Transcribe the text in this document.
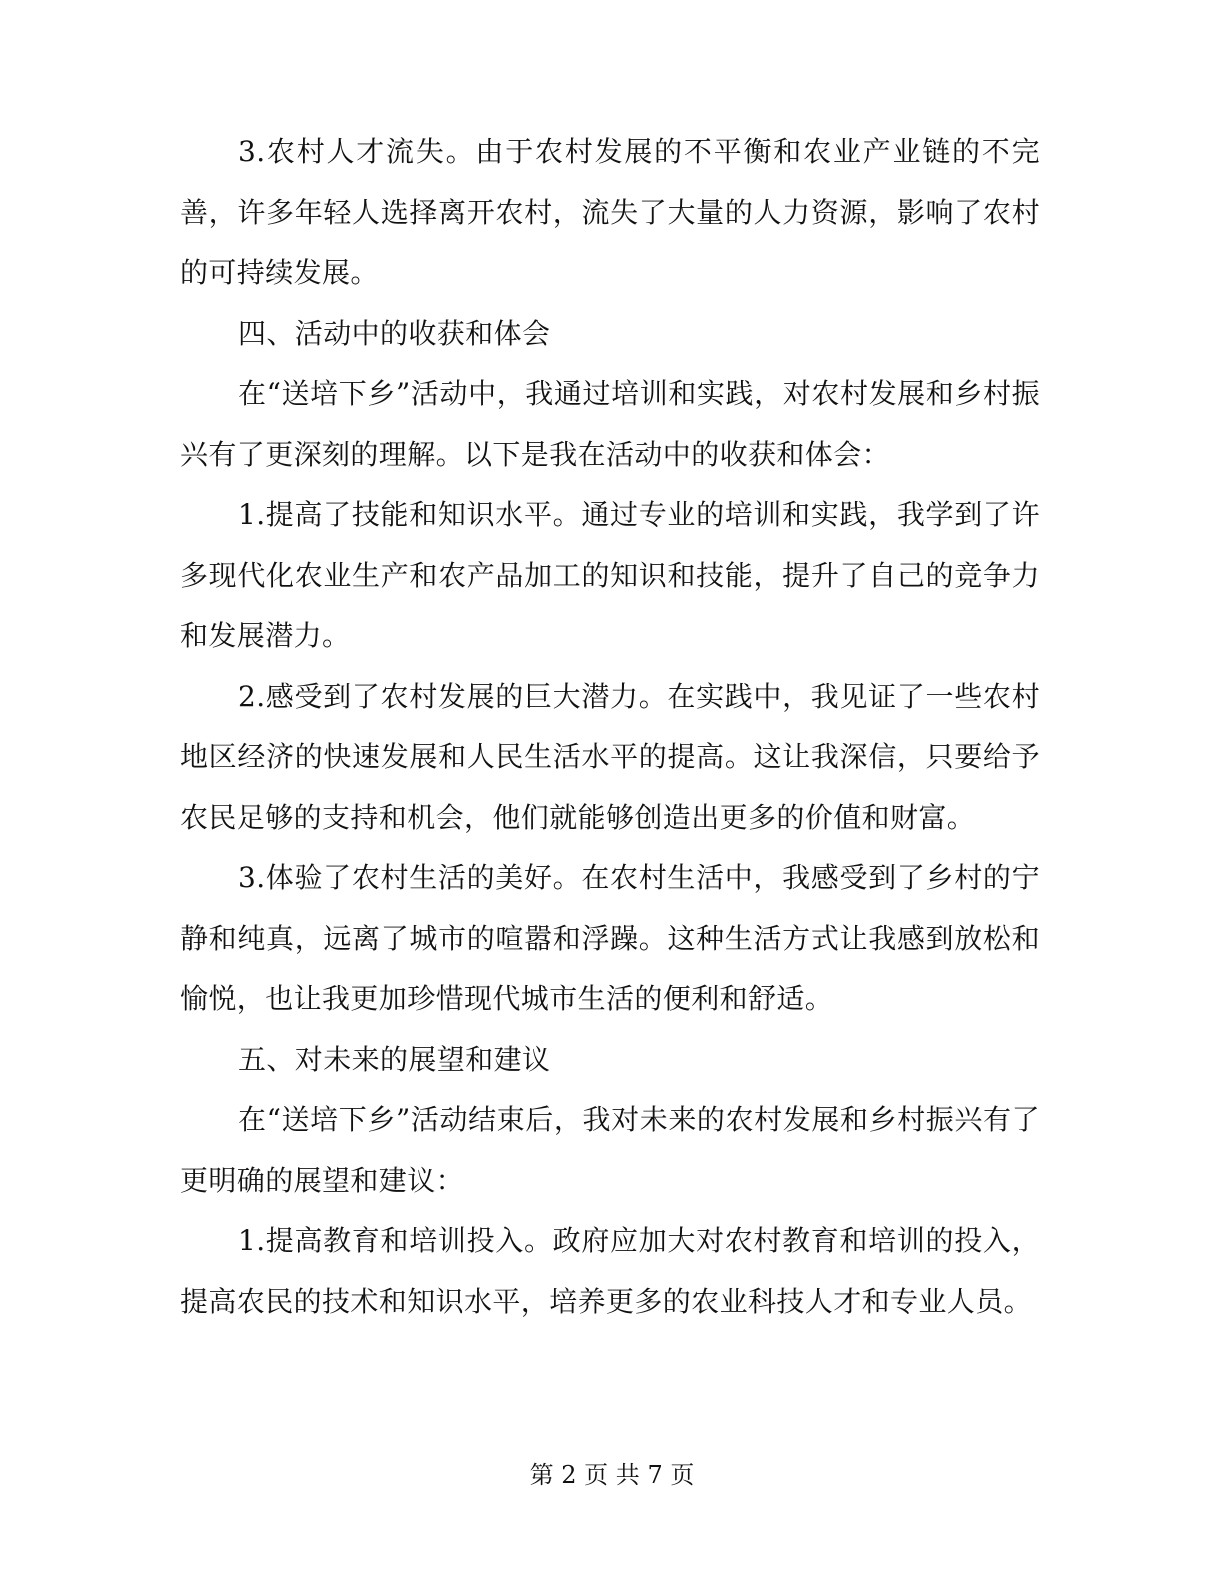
3.农村人才流失。由于农村发展的不平衡和农业产业链的不完善，许多年轻人选择离开农村，流失了大量的人力资源，影响了农村的可持续发展。

四、活动中的收获和体会

在“送培下乡”活动中，我通过培训和实践，对农村发展和乡村振兴有了更深刻的理解。以下是我在活动中的收获和体会：

1.提高了技能和知识水平。通过专业的培训和实践，我学到了许多现代化农业生产和农产品加工的知识和技能，提升了自己的竞争力和发展潜力。

2.感受到了农村发展的巨大潜力。在实践中，我见证了一些农村地区经济的快速发展和人民生活水平的提高。这让我深信，只要给予农民足够的支持和机会，他们就能够创造出更多的价值和财富。

3.体验了农村生活的美好。在农村生活中，我感受到了乡村的宁静和纯真，远离了城市的喧嚣和浮躁。这种生活方式让我感到放松和愉悦，也让我更加珍惜现代城市生活的便利和舒适。

五、对未来的展望和建议

在“送培下乡”活动结束后，我对未来的农村发展和乡村振兴有了更明确的展望和建议：

1.提高教育和培训投入。政府应加大对农村教育和培训的投入，提高农民的技术和知识水平，培养更多的农业科技人才和专业人员。

第 2 页 共 7 页
